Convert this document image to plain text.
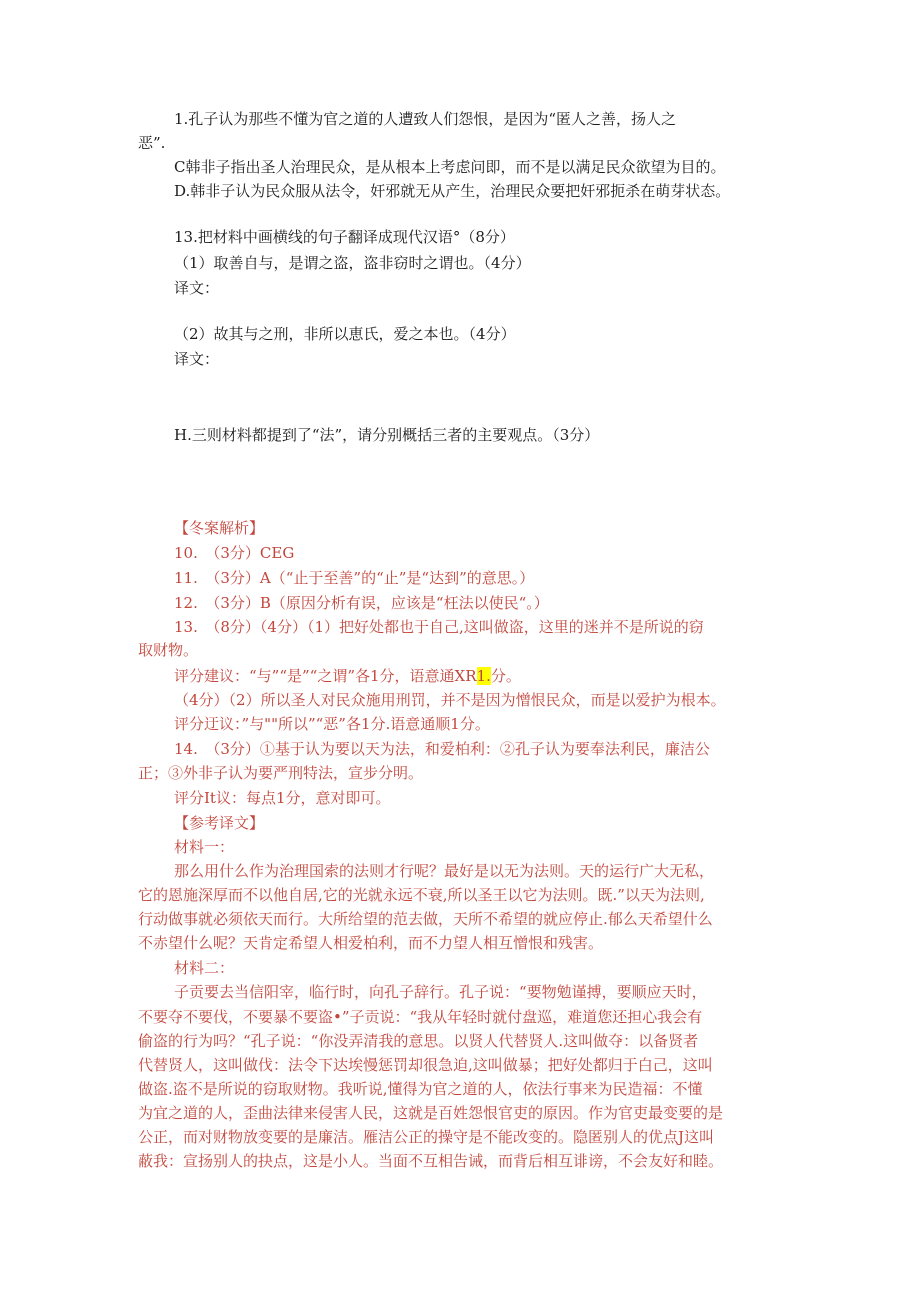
1.孔子认为那些不懂为官之道的人遭致人们怨恨，是因为“匿人之善，扬人之
恶”.
C韩非子指出圣人治理民众，是从根本上考虑问即，而不是以满足民众欲望为目的。
D.韩非子认为民众服从法令，奸邪就无从产生，治理民众要把奸邪扼杀在萌芽状态。
13.把材料中画横线的句子翻译成现代汉语°（8分）
（1）取善自与，是谓之盗，盗非窃时之谓也。（4分）
译文：
（2）故其与之刑，非所以恵氏，爱之本也。（4分）
译文：
H.三则材料都提到了“法”，请分别概括三者的主要观点。（3分）
【冬案解析】
10.　（3分）CEG
11.　（3分）A（“止于至善”的“止”是“达到”的意思。）
12.　（3分）B（原因分析有误，应该是“枉法以使民“。）
13.　（8分）（4分）（1）把好处都也于自己,这叫做盗，这里的迷并不是所说的窃
取财物。
评分建议：“与”“是”“之谓”各1分，语意通XR1.分。
（4分）（2）所以圣人对民众施用刑罚，并不是因为憎恨民众，而是以爱护为根本。
评分迂议：”与""所以”“恶”各1分.语意通顺1分。
14.　（3分）①基于认为要以天为法，和爱柏利：②孔子认为要奉法利民，廉洁公
正；③外非子认为要严刑特法，宣步分明。
评分It议：每点1分，意对即可。
【参考译文】
材料一：
那么用什么作为治理国索的法则才行呢？最好是以无为法则。天的运行广大无私，
它的恩施深厚而不以他自居,它的光就永远不衰,所以圣王以它为法则。既.”以天为法则,
行动做事就必须依天而行。大所给望的范去做，天所不希望的就应停止.郁么天希望什么
不赤望什么呢？天肯定希望人相爱柏利，而不力望人相互憎恨和残害。
材料二：
子贡要去当信阳宰，临行时，向孔子辞行。孔子说：“要物勉谨搏，要顺应天时，
不要夺不要伐，不要暴不要盗•”子贡说：“我从年轻时就付盘巡，难道您还担心我会有
偷盗的行为吗？“孔子说：“你没弄清我的意思。以贤人代替贤人.这叫做夺：以备贤者
代替贤人，这叫做伐：法令下达埃慢惩罚却很急迫,这叫做暴；把好处都归于白己，这叫
做盗.盗不是所说的窃取财物。我听说,懂得为官之道的人，依法行事来为民造福：不懂
为宜之道的人，歪曲法律来侵害人民，这就是百姓怨恨官吏的原因。作为官吏最变要的是
公正，而对财物放变要的是廉洁。雁洁公正的操守是不能改变的。隐匿别人的优点J这叫
蔽我：宣扬别人的抉点，这是小人。当面不互相告诫，而背后相互诽谤，不会友好和睦。
